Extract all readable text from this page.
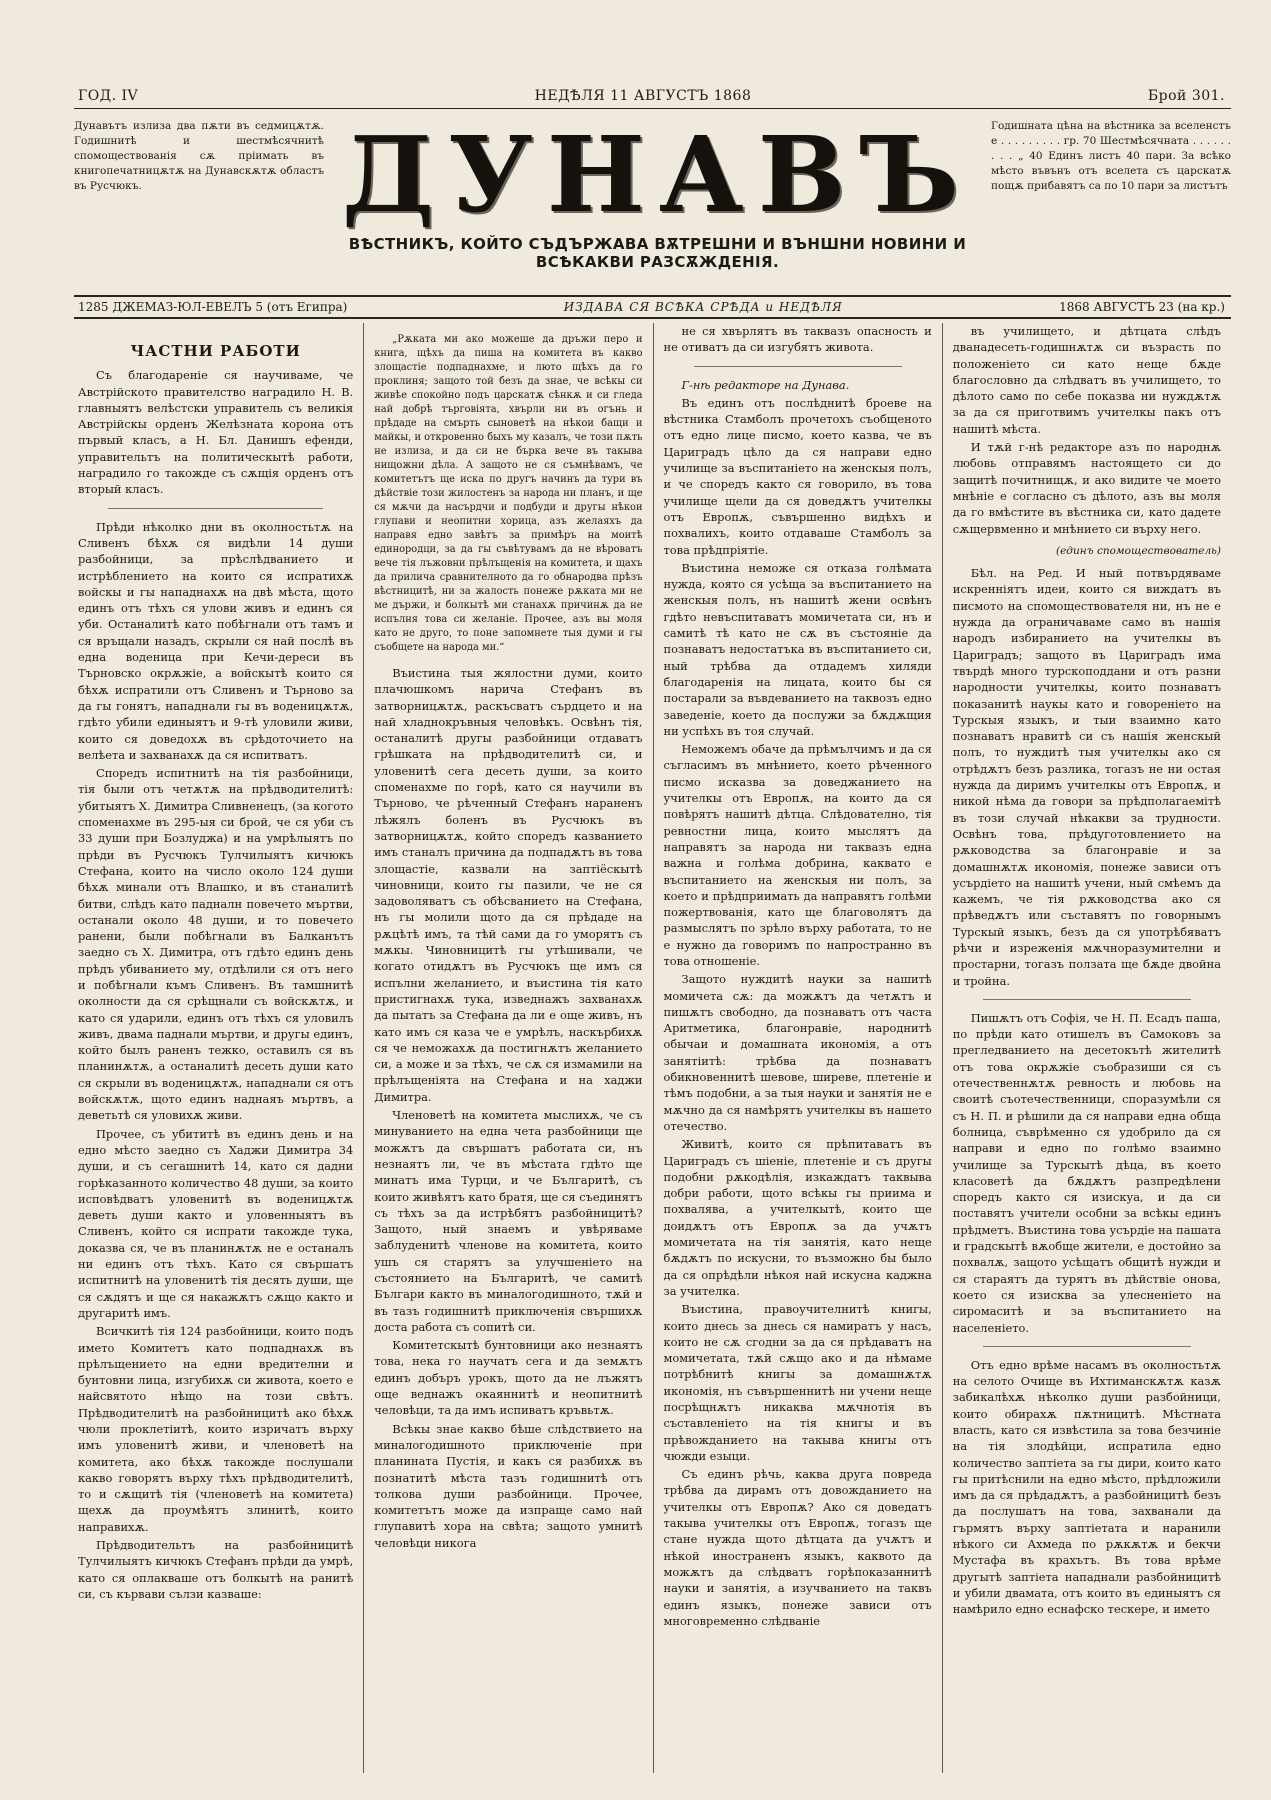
ГОД. IV	НЕДѢЛЯ 11 АВГУСТЪ 1868	Брой 301.
Дунавътъ излиза два пѫти въ седмицѫтѫ. Годишнитѣ и шестмѣсячнитѣ спомоществованія сѫ прiимать въ книгопечатницѫтѫ на Дунавскѫтѫ областъ въ Русчюкъ.	ДУНАВЪ
ВѢСТНИКЪ, КОЙТО СЪДЪРЖАВА ВѪТРЕШНИ И ВЪНШНИ НОВИНИ И ВСѢКАКВИ РАЗСѪЖДЕНІЯ.
Годишната цѣна на вѣстника за вселенстъ е . . . . . . . . . гр. 70 Шестмѣсячната . . . . . . . . . „ 40 Единъ листъ 40 пари. За всѣко мѣсто въвънъ отъ вселета съ царскатѫ пощѫ прибавятъ са по 10 пари за листътъ
1285 ДЖЕМАЗ-ЮЛ-ЕВЕЛЪ 5 (отъ Египра)	ИЗДАВА СЯ ВСѢКА СРѢДА и НЕДѢЛЯ	1868 АВГУСТЪ 23 (на кр.)

ЧАСТНИ РАБОТИ

Съ благодареніе ся научиваме, че Австрiйското правителство наградило Н. В. главныятъ велѣстски управитель съ великія Австрiйскы орденъ Желѣзната корона отъ първый класъ, а Н. Бл. Данишъ ефенди, управительтъ на политическытѣ работи, наградило го такожде съ сѫщія орденъ отъ вторый класъ.

Прѣди нѣколко дни въ околностьтѫ на Сливенъ бѣхѫ ся видѣли 14 души разбойници, за прѣслѣдванието и истрѣблението на които ся испратихѫ войскы и гы нападнахѫ на двѣ мѣста, щото единъ отъ тѣхъ ся улови живъ и единъ ся уби. Останалитѣ като побѣгнали отъ тамъ и ся връщали назадъ, скрыли ся най послѣ въ една воденица при Кечи-дереси въ Търновско окрѫжіе, а войскытѣ които ся бѣхѫ испратили отъ Сливенъ и Търново за да гы гонятъ, нападнали гы въ воденицѫтѫ, гдѣто убили единыятъ и 9-тѣ уловили живи, които ся доведохѫ въ срѣдоточието на велѣета и захванахѫ да ся испитватъ.

Споредъ испитнитѣ на тія разбойници, тія были отъ четѫтѫ на прѣдводителитѣ: убитыятъ Х. Димитра Сливненецъ, (за когото споменахме въ 295-ыя си брой, че ся уби съ 33 души при Бозлуджа) и на умрѣлыятъ по прѣди въ Русчюкъ Тулчилыятъ кичюкъ Стефана, които на число около 124 души бѣхѫ минали отъ Влашко, и въ станалитѣ битви, слѣдъ като падналн повечето мъртви, останали около 48 души, и то повечето ранени, были побѣгнали въ Балканътъ заедно съ Х. Димитра, отъ гдѣто единъ день прѣдъ убиванието му, отдѣлили ся отъ него и побѣгнали къмъ Сливенъ. Въ тамшнитѣ околности да ся срѣщнали съ войскѫтѫ, и като ся ударили, единъ отъ тѣхъ ся уловилъ живъ, двама паднали мъртви, и другы единъ, който былъ раненъ тежко, оставилъ ся въ планинѫтѫ, а останалитѣ десеть души като ся скрыли въ воденицѫтѫ, нападнали ся отъ войскѫтѫ, щото единъ наднаяъ мъртвъ, а деветьтѣ ся уловихѫ живи.

Прочее, съ убититѣ въ единъ день и на едно мѣсто заедно съ Хаджи Димитра 34 души, и съ сегашнитѣ 14, като ся дадни горѣказанното количество 48 души, за които исповѣдватъ уловенитѣ въ воденицѫтѫ деветь души както и уловенныятъ въ Сливенъ, който ся испрати такожде тука, доказва ся, че въ планинѫтѫ не е останалъ ни единъ отъ тѣхъ. Като ся свършатъ испитнитѣ на уловенитѣ тія десять души, ще ся сѫдятъ и ще ся накажѫтъ сѫщо както и другаритѣ имъ.

Всичкитѣ тія 124 разбойници, които подъ името Комитетъ като подпаднахѫ въ прѣлъщението на едни вредителни и бунтовни лица, изгубихѫ си живота, което е найсвятото нѣщо на този свѣтъ. Прѣдводителитѣ на разбойницитѣ ако бѣхѫ чюли проклетiитѣ, които изричатъ върху имъ уловенитѣ живи, и членоветѣ на комитета, ако бѣхѫ такожде послушали какво говорятъ върху тѣхъ прѣдводителитѣ, то и сѫщитѣ тія (членоветѣ на комитета) щехѫ да проумѣятъ злинитѣ, които направихѫ.

Прѣдводительтъ на разбойницитѣ Тулчилыятъ кичюкъ Стефанъ прѣди да умрѣ, като ся оплакваше отъ болкытѣ на ранитѣ си, съ кървави сълзи казваше:

„Рѫката ми ако можеше да дръжи перо и книга, щѣхъ да пиша на комитета въ какво злощастіе подпаднахме, и лютo щѣхъ да го проклиня; защото той безъ да знае, че всѣкы си живѣе спокойно подъ царскатѫ сѣнкѫ и си гледа най добрѣ търговiята, хвърли ни въ огънь и прѣдаде на смърть сыноветѣ на нѣкои бащи и майкы, и откровенно быхъ му казалъ, че този пѫть не излиза, и да си не бърка вече въ такыва нищожни дѣла. А защото не ся съмнѣвамъ, че комитетътъ ще иска по другъ начинъ да тури въ дѣйствіе този жилостенъ за народа ни планъ, и ще ся мѫчи да насърдчи и подбуди и другы нѣкои глупави и неопитни хорица, азъ желаяхъ да направя едно завѣтъ за примѣръ на моитѣ единородци, за да гы съвѣтувамъ да не вѣроватъ вече тія лъжовни прѣлъщенія на комитета, и щахъ да прилича сравнителното да го обнародва прѣзъ вѣстницитѣ, ни за жалость понеже рѫката ми не ме държи, и болкытѣ ми станахѫ причинѫ да не испълня това си желаніе. Прочее, азъ вы моля като не друго, то поне запомнете тыя думи и гы съобщете на народа ми.“

Въистина тыя жялостни думи, които плачюшкомъ нарича Стефанъ въ затворницѫтѫ, раскъсватъ сърдцето и на най хладнокръвныя человѣкъ. Освѣнъ тія, останалитѣ другы разбойници отдаватъ грѣшката на прѣдводителитѣ си, и уловенитѣ сега десеть души, за които споменахме по горѣ, като ся научили въ Търново, че рѣченный Стефанъ нараненъ лѣжялъ боленъ въ Русчюкъ въ затворницѫтѫ, който споредъ казванието имъ станалъ причина да подпадѫтъ въ това злощастіе, казвали на заптіёскытѣ чиновници, които гы пазили, че не ся задоволяватъ съ обѣсванието на Стефана, нъ гы молили щото да ся прѣдаде на рѫцѣтѣ имъ, та тѣй сами да го уморятъ съ мѫкы. Чиновницитѣ гы утѣшивали, че когато отидѫтъ въ Русчюкъ ще имъ ся испълни желанието, и въистина тія като пристигнахѫ тука, изведнажъ захванахѫ да пытатъ за Стефана да ли е още живъ, нъ като имъ ся каза че е умрѣлъ, наскърбихѫ ся че неможахѫ да постигнѫтъ желанието си, а може и за тѣхъ, че сѫ ся измамили на прѣлъщенiята на Стефана и на хаджи Димитра.

Членоветѣ на комитета мыслихѫ, че съ минуванието на една чета разбойници ще можѫтъ да свършатъ работата си, нъ незнаятъ ли, че въ мѣстата гдѣто ще минатъ има Турци, и че Българитѣ, съ които живѣятъ като братя, ще ся съединятъ съ тѣхъ за да истрѣбятъ разбойницитѣ? Защото, ный знаемъ и увѣряваме заблуденитѣ членове на комитета, които ушъ ся старятъ за улучшенiето на състоянието на Българитѣ, че самитѣ Българи както въ миналогодишното, тѫй и въ тазъ годишнитѣ приключенія свършихѫ доста работа съ сопитѣ си.

Комитетскытѣ бунтовници ако незнаятъ това, нека го научатъ сега и да земѫтъ единъ добъръ урокъ, щото да не лъжятъ още веднажъ окаяннитѣ и неопитнитѣ человѣци, та да имъ испиватъ кръвьтѫ.

Всѣкы знае какво бѣше слѣдствието на миналогодишното приключеніе при планината Пустiя, и какъ ся разбихѫ въ познатитѣ мѣста тазъ годишнитѣ отъ толкова души разбойници. Прочее, комитетътъ може да изпраще само най глупавитѣ хора на свѣта; защото умнитѣ человѣци никога

не ся хвърлятъ въ таквазъ опасность и не отиватъ да си изгубятъ живота.

Г-нѣ редакторе на Дунава.

Въ единъ отъ послѣднитѣ броеве на вѣстника Стамболъ прочетохъ съобщеното отъ едно лице писмо, което казва, че въ Цариградъ цѣло да ся направи едно училище за въспитанiето на женскыя полъ, и че споредъ както ся говорило, въ това училище щели да ся доведѫтъ учителкы отъ Европѫ, съвършенно видѣхъ и похвалихъ, които отдаваше Стамболъ за това прѣдпрiятіе.

Въистина неможе ся отказа голѣмата нужда, която ся усѣща за въспитанието на женскыя полъ, нъ нашитѣ жени освѣнъ гдѣто невъспитаватъ момичетата си, нъ и самитѣ тѣ като не сѫ въ състояніе да познаватъ недостатъка въ въспитанието си, ный трѣбва да отдадемъ хиляди благодаренія на лицата, които бы ся постарали за въвдеванието на таквозъ едно заведеніе, което да послужи за бѫдѫщия ни успѣхъ въ тоя случай.

Неможемъ обаче да прѣмълчимъ и да ся съгласимъ въ мнѣнието, което рѣченного писмо исказва за доведжанието на учителкы отъ Европѫ, на които да ся повѣрятъ нашитѣ дѣтца. Слѣдователно, тія ревностни лица, които мыслятъ да направятъ за народа ни таквазъ една важна и голѣма добрина, каквато е въспитанието на женскыя ни полъ, за което и прѣдприимать да направятъ голѣми пожертвованія, като ще благоволятъ да размыслятъ по зрѣло върху работата, то не е нужно да говоримъ по напространно въ това отношеніе.

Защото нуждитѣ науки за нашитѣ момичета сѫ: да можѫтъ да четѫтъ и пишѫтъ свободно, да познаватъ отъ часта Аритметика, благонравіе, народнитѣ обычаи и домашната икономія, а отъ занятiитѣ: трѣбва да познаватъ обикновеннитѣ шевове, ширеве, плетеніе и тѣмъ подобни, а за тыя науки и занятія не е мѫчно да ся намѣрятъ учителкы въ нашето отечество.

Живитѣ, които ся прѣпитаватъ въ Цариградъ съ шіеніе, плетеніе и съ другы подобни рѫкодѣлія, изкаждатъ таквыва добри работи, щото всѣкы гы приима и похвалява, а учителкытѣ, които ще доидѫтъ отъ Европѫ за да учѫтъ момичетата на тія занятія, като неще бѫдѫтъ по искусни, то възможно бы было да ся опрѣдѣли нѣкоя най искусна каджна за учителка.

Въистина, правоучителнитѣ книгы, които днесь за днесь ся намиратъ у насъ, които не сѫ сгодни за да ся прѣдаватъ на момичетата, тѫй сѫщо ако и да нѣмаме потрѣбнитѣ книгы за домашнѫтѫ икономія, нъ съвършеннитѣ ни учени неще посрѣщнѫтъ никаква мѫчнотія въ съставленiето на тія книгы и въ прѣвожданието на такыва книгы отъ чюжди езыци.

Съ единъ рѣчь, каква друга повреда трѣбва да дирамъ отъ довожданието на учителкы отъ Европѫ? Ако ся доведатъ такыва учителкы отъ Европѫ, тогазъ ще стане нужда щото дѣтцата да учѫтъ и нѣкой иностраненъ языкъ, каквото да можѫтъ да слѣдватъ горѣпоказаннитѣ науки и занятія, а изучванието на таквъ единъ языкъ, понеже зависи отъ многовременно слѣдваніе

въ училището, и дѣтцата слѣдъ дванадесеть-годишнѫтѫ си възрасть по положенiето си като неще бѫде благословно да слѣдватъ въ училището, то дѣлото само по себе показва ни нуждѫтѫ за да ся приготвимъ учителкы пакъ отъ нашитѣ мѣста.

И тѫй г-нѣ редакторе азъ по народнѫ любовь отправямъ настоящето си до защитѣ почитнищѫ, и ако видите че моето мнѣніе е согласно съ дѣлото, азъ вы моля да го вмѣстите въ вѣстника си, като дадете сѫщервменно и мнѣнието си върху него.

(единъ спомоществователь)

Бѣл. на Ред. И ный потвърдяваме искренніятъ идеи, които ся виждатъ въ писмото на спомоществователя ни, нъ не е нужда да ограничаваме само въ нашія народъ избиранието на учителкы въ Цариградъ; защото въ Цариградъ има твърдѣ много турскоподдани и отъ разни народности учителкы, които познаватъ показанитѣ наукы като и говоренiето на Турскыя языкъ, и тыи взаимно като познаватъ нравитѣ си съ нашія женскый полъ, то нуждитѣ тыя учителкы ако ся отрѣдѫтъ безъ разлика, тогазъ не ни остая нужда да диримъ учителкы отъ Европѫ, и никой нѣма да говори за прѣдполагаемітѣ въ този случай нѣкакви за трудности. Освѣнъ това, прѣдуготовлението на рѫководства за благонравіе и за домашнѫтѫ икономія, понеже зависи отъ усърдіето на нашитѣ учени, ный смѣемъ да кажемъ, че тія рѫководства ако ся прѣведѫтъ или съставятъ по говорнымъ Турскый языкъ, безъ да ся употрѣбяватъ рѣчи и изреженія мѫчноразумителни и простарни, тогазъ ползата ще бѫде двойна и тройна.

Пишѫтъ отъ Софія, че Н. П. Есадъ паша, по прѣди като отишелъ въ Самоковъ за прегледванието на десетокътѣ жителитѣ отъ това окрѫжіе съобразиши ся съ отечественнѫтѫ ревность и любовь на своитѣ съотечественници, споразумѣли ся съ Н. П. и рѣшили да ся направи една обща болница, съврѣменно ся удобрило да ся направи и едно по голѣмо взаимно училище за Турскытѣ дѣца, въ което класоветѣ да бѫдѫтъ разпредѣлени споредъ както ся изискуа, и да си поставятъ учители особни за всѣкы единъ прѣдметъ. Въистина това усърдіе на пашата и градскытѣ вѫобще жители, е достойно за похвалѫ, защото усѣщатъ общитѣ нужди и ся стараятъ да турятъ въ дѣйствіе онова, което ся изисква за улесненiето на сиромаситѣ и за въспитанието на населенiето.

Отъ едно врѣме насамъ въ околностьтѫ на селото Очище въ Ихтиманскѫтѫ казѫ забикалѣхѫ нѣколко души разбойници, които обирахѫ пѫтницитѣ. Мѣстната власть, като ся извѣстила за това безчиніе на тія злодѣйци, испратила едно количество заптiета за гы дири, които като гы притѣснили на едно мѣсто, прѣдложили имъ да ся прѣдадѫтъ, а разбойницитѣ безъ да послушатъ на това, захванали да гърмятъ върху заптiетата и наранили нѣкого си Ахмеда по рѫкѫтѫ и бекчи Мустафа въ крахътъ. Въ това врѣме другытѣ заптiета нападнали разбойницитѣ и убили двамата, отъ които въ единыятъ ся намѣрило едно еснафско тескере, и името
